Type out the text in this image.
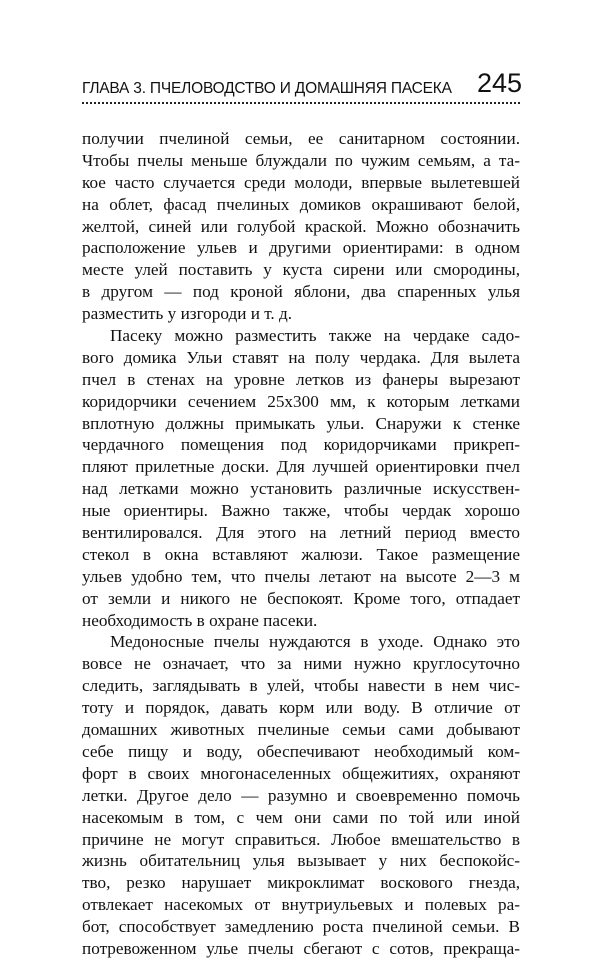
ГЛАВА 3. ПЧЕЛОВОДСТВО И ДОМАШНЯЯ ПАСЕКА 245
получии пчелиной семьи, ее санитарном состоянии.
Чтобы пчелы меньше блуждали по чужим семьям, а та-
кое часто случается среди молоди, впервые вылетевшей
на облет, фасад пчелиных домиков окрашивают белой,
желтой, синей или голубой краской. Можно обозначить
расположение ульев и другими ориентирами: в одном
месте улей поставить у куста сирени или смородины,
в другом — под кроной яблони, два спаренных улья
разместить у изгороди и т. д.
Пасеку можно разместить также на чердаке садо-
вого домика Ульи ставят на полу чердака. Для вылета
пчел в стенах на уровне летков из фанеры вырезают
коридорчики сечением 25x300 мм, к которым летками
вплотную должны примыкать ульи. Снаружи к стенке
чердачного помещения под коридорчиками прикреп-
пляют прилетные доски. Для лучшей ориентировки пчел
над летками можно установить различные искусствен-
ные ориентиры. Важно также, чтобы чердак хорошо
вентилировался. Для этого на летний период вместо
стекол в окна вставляют жалюзи. Такое размещение
ульев удобно тем, что пчелы летают на высоте 2—3 м
от земли и никого не беспокоят. Кроме того, отпадает
необходимость в охране пасеки.
Медоносные пчелы нуждаются в уходе. Однако это
вовсе не означает, что за ними нужно круглосуточно
следить, заглядывать в улей, чтобы навести в нем чис-
тоту и порядок, давать корм или воду. В отличие от
домашних животных пчелиные семьи сами добывают
себе пищу и воду, обеспечивают необходимый ком-
форт в своих многонаселенных общежитиях, охраняют
летки. Другое дело — разумно и своевременно помочь
насекомым в том, с чем они сами по той или иной
причине не могут справиться. Любое вмешательство в
жизнь обитательниц улья вызывает у них беспокойс-
тво, резко нарушает микроклимат воскового гнезда,
отвлекает насекомых от внутриульевых и полевых ра-
бот, способствует замедлению роста пчелиной семьи. В
потревоженном улье пчелы сбегают с сотов, прекраща-
